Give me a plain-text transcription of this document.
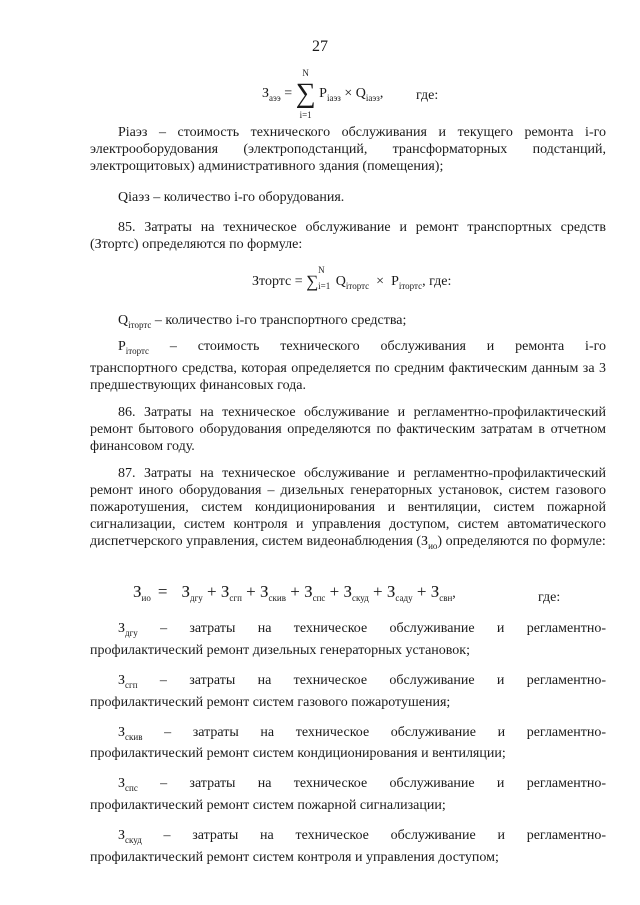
27
$З_{аээ}$ =
N
∑
i=1
$P_{iаэз} \times Q_{iаэз}$, где:

Piаэз – стоимость технического обслуживания и текущего ремонта i-го электрооборудования (электроподстанций, трансформаторных подстанций, электрощитовых) административного здания (помещения);

Qiаэз – количество i-го оборудования.

85. Затраты на техническое обслуживание и ремонт транспортных средств (Зтортс) определяются по формуле:

Зтортс = ∑
N
i=1 $Q_{iтортс} \times P_{iтортс}$, где:

$Q_{iтортс}$ – количество i-го транспортного средства;

$P_{iтортс}$ – стоимость технического обслуживания и ремонта i-го

транспортного средства, которая определяется по средним фактическим данным за 3 предшествующих финансовых года.

86. Затраты на техническое обслуживание и регламентно-профилактический ремонт бытового оборудования определяются по фактическим затратам в отчетном финансовом году.

87. Затраты на техническое обслуживание и регламентно-профилактический ремонт иного оборудования – дизельных генераторных установок, систем газового пожаротушения, систем кондиционирования и вентиляции, систем пожарной сигнализации, систем контроля и управления доступом, систем автоматического диспетчерского управления, систем видеонаблюдения $(З_{ио})$ определяются по формуле:

$З_{ио} = З_{дгу} + З_{сгп} + З_{скив} + З_{спс} + З_{скуд} + З_{саду} + З_{свн}$,	где:

$З_{дгу}$ – затраты на техническое обслуживание и регламентно-

профилактический ремонт дизельных генераторных установок;

$З_{сгп}$ – затраты на техническое обслуживание и регламентно-

профилактический ремонт систем газового пожаротушения;

$З_{скив}$ – затраты на техническое обслуживание и регламентно-

профилактический ремонт систем кондиционирования и вентиляции;

$З_{спс}$ – затраты на техническое обслуживание и регламентно-

профилактический ремонт систем пожарной сигнализации;

$З_{скуд}$ – затраты на техническое обслуживание и регламентно-

профилактический ремонт систем контроля и управления доступом;
